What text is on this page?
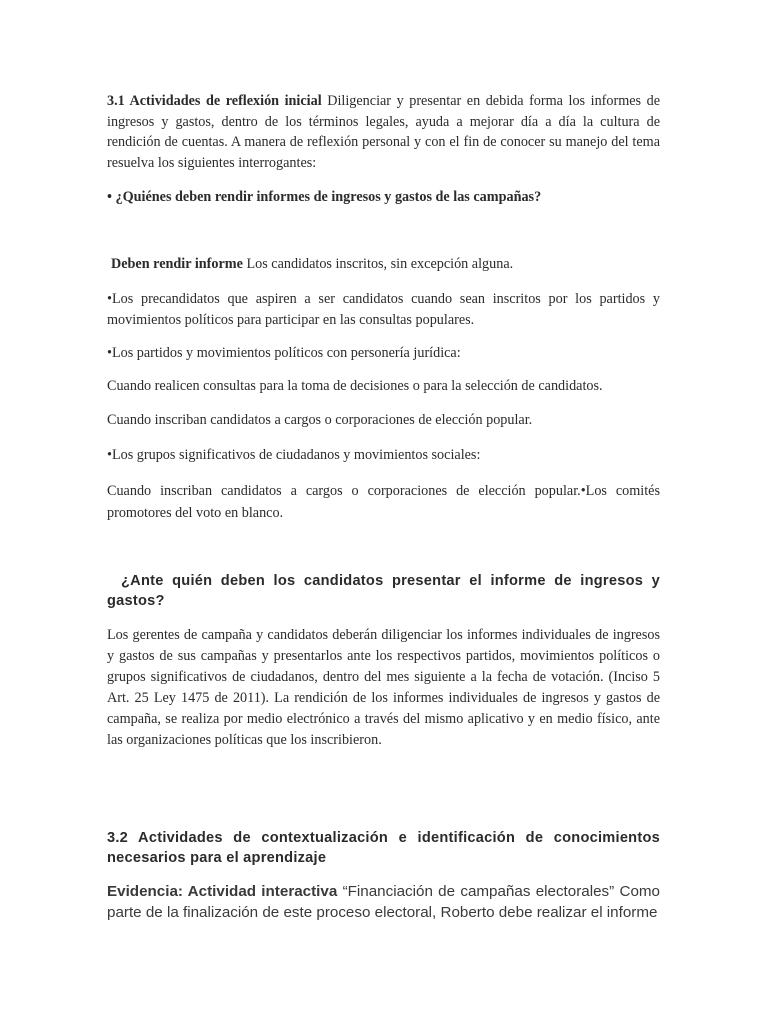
3.1 Actividades de reflexión inicial Diligenciar y presentar en debida forma los informes de ingresos y gastos, dentro de los términos legales, ayuda a mejorar día a día la cultura de rendición de cuentas. A manera de reflexión personal y con el fin de conocer su manejo del tema resuelva los siguientes interrogantes:

• ¿Quiénes deben rendir informes de ingresos y gastos de las campañas?

Deben rendir informe Los candidatos inscritos, sin excepción alguna.

•Los precandidatos que aspiren a ser candidatos cuando sean inscritos por los partidos y movimientos políticos para participar en las consultas populares.

•Los partidos y movimientos políticos con personería jurídica:

Cuando realicen consultas para la toma de decisiones o para la selección de candidatos.

Cuando inscriban candidatos a cargos o corporaciones de elección popular.

•Los grupos significativos de ciudadanos y movimientos sociales:

Cuando inscriban candidatos a cargos o corporaciones de elección popular.•Los comités promotores del voto en blanco.

¿Ante quién deben los candidatos presentar el informe de ingresos y gastos?

Los gerentes de campaña y candidatos deberán diligenciar los informes individuales de ingresos y gastos de sus campañas y presentarlos ante los respectivos partidos, movimientos políticos o grupos significativos de ciudadanos, dentro del mes siguiente a la fecha de votación. (Inciso 5 Art. 25 Ley 1475 de 2011). La rendición de los informes individuales de ingresos y gastos de campaña, se realiza por medio electrónico a través del mismo aplicativo y en medio físico, ante las organizaciones políticas que los inscribieron.

3.2 Actividades de contextualización e identificación de conocimientos necesarios para el aprendizaje

Evidencia: Actividad interactiva “Financiación de campañas electorales” Como parte de la finalización de este proceso electoral, Roberto debe realizar el informe
